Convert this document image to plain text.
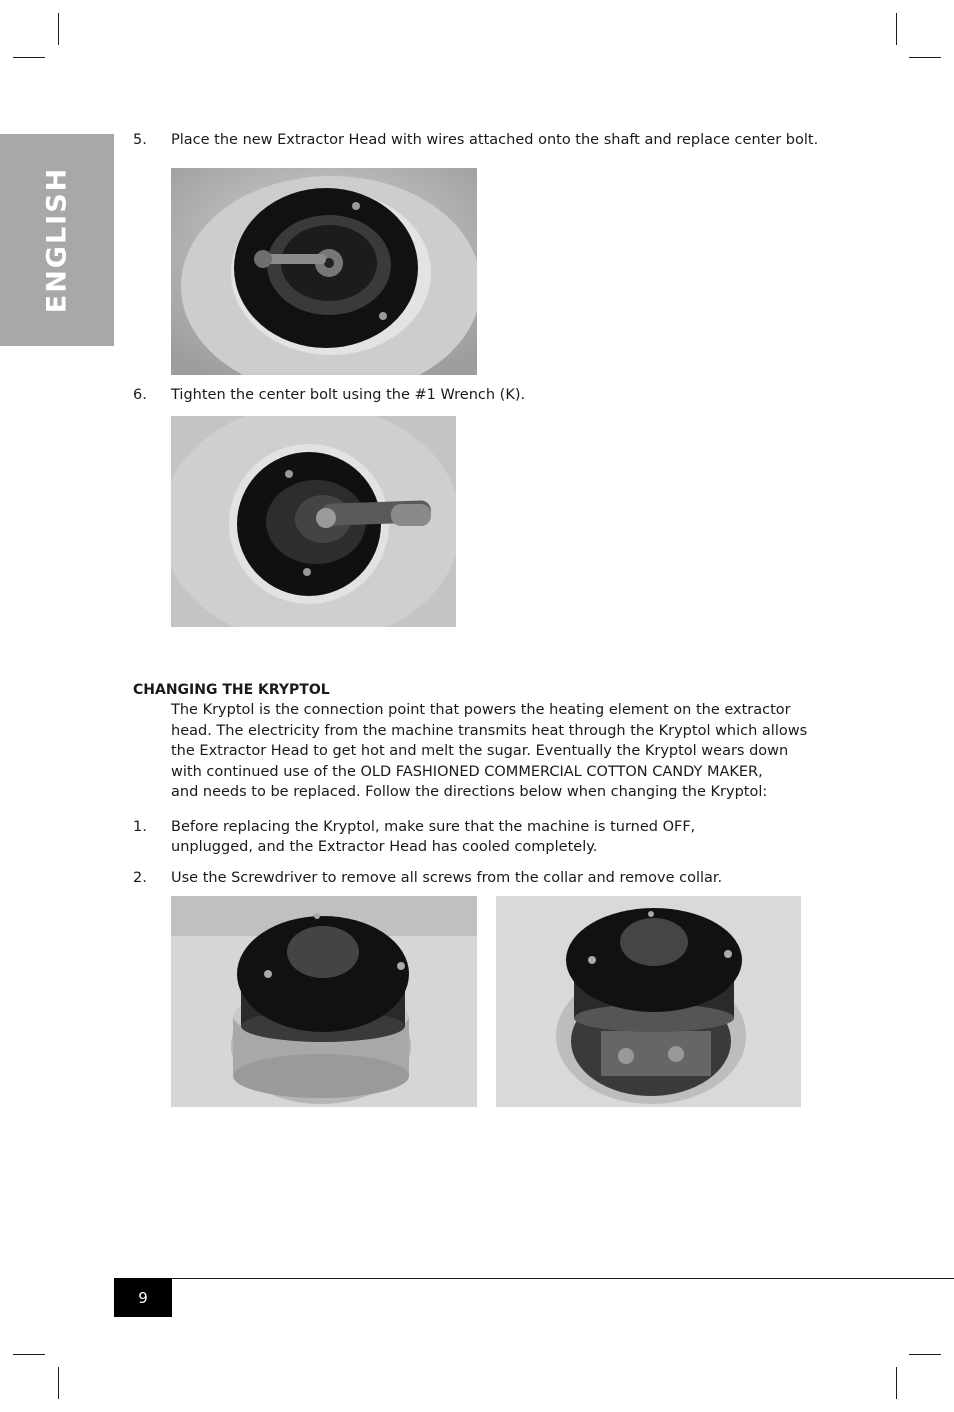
ENGLISH
5. Place the new Extractor Head with wires attached onto the shaft and replace center bolt.
6. Tighten the center bolt using the #1 Wrench (K).
CHANGING THE KRYPTOL
The Kryptol is the connection point that powers the heating element on the extractor
head. The electricity from the machine transmits heat through the Kryptol which allows
the Extractor Head to get hot and melt the sugar. Eventually the Kryptol wears down
with continued use of the OLD FASHIONED COMMERCIAL COTTON CANDY MAKER,
and needs to be replaced. Follow the directions below when changing the Kryptol:
1. Before replacing the Kryptol, make sure that the machine is turned OFF,
unplugged, and the Extractor Head has cooled completely.
2. Use the Screwdriver to remove all screws from the collar and remove collar.
9
